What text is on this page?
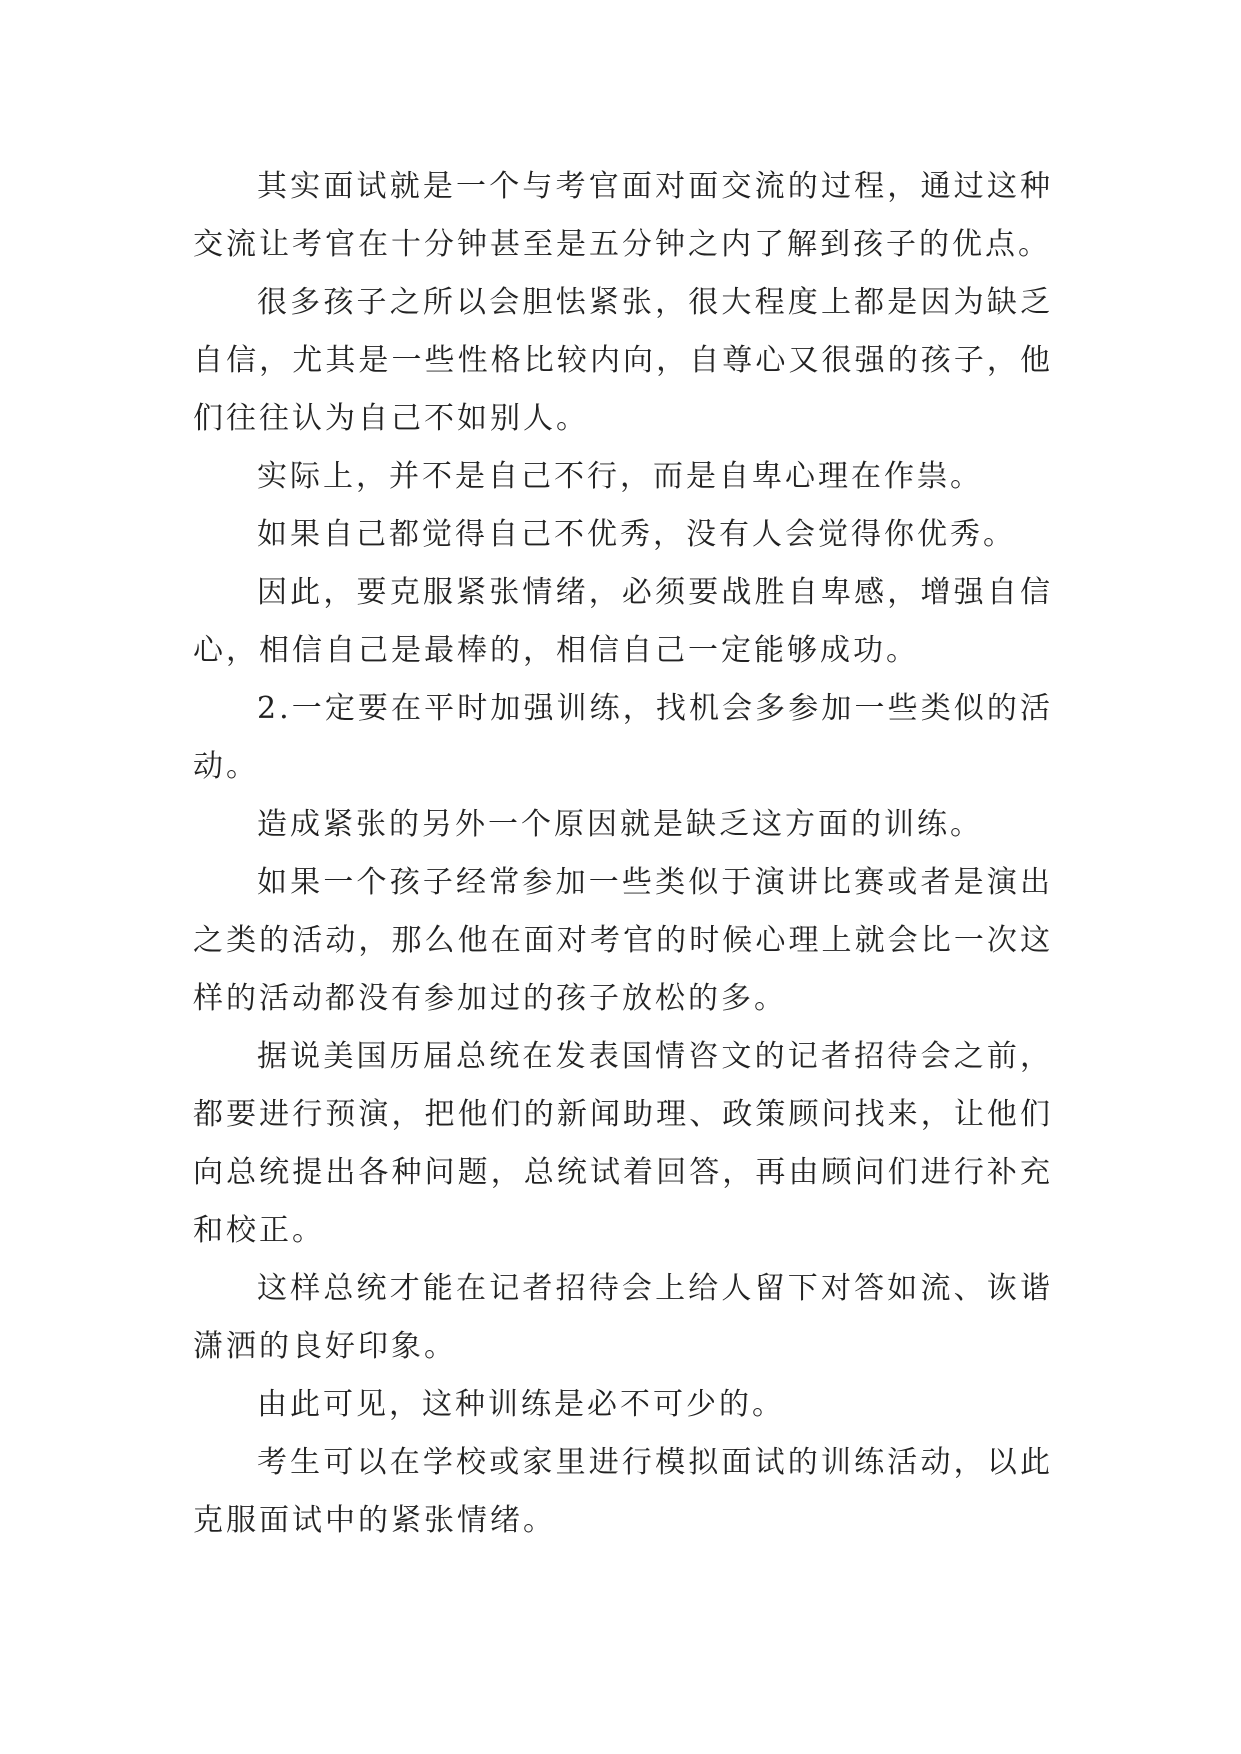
其实面试就是一个与考官面对面交流的过程，通过这种交流让考官在十分钟甚至是五分钟之内了解到孩子的优点。

很多孩子之所以会胆怯紧张，很大程度上都是因为缺乏自信，尤其是一些性格比较内向，自尊心又很强的孩子，他们往往认为自己不如别人。

实际上，并不是自己不行，而是自卑心理在作祟。

如果自己都觉得自己不优秀，没有人会觉得你优秀。

因此，要克服紧张情绪，必须要战胜自卑感，增强自信心，相信自己是最棒的，相信自己一定能够成功。

2.一定要在平时加强训练，找机会多参加一些类似的活动。

造成紧张的另外一个原因就是缺乏这方面的训练。

如果一个孩子经常参加一些类似于演讲比赛或者是演出之类的活动，那么他在面对考官的时候心理上就会比一次这样的活动都没有参加过的孩子放松的多。

据说美国历届总统在发表国情咨文的记者招待会之前，都要进行预演，把他们的新闻助理、政策顾问找来，让他们向总统提出各种问题，总统试着回答，再由顾问们进行补充和校正。

这样总统才能在记者招待会上给人留下对答如流、诙谐潇洒的良好印象。

由此可见，这种训练是必不可少的。

考生可以在学校或家里进行模拟面试的训练活动，以此克服面试中的紧张情绪。
